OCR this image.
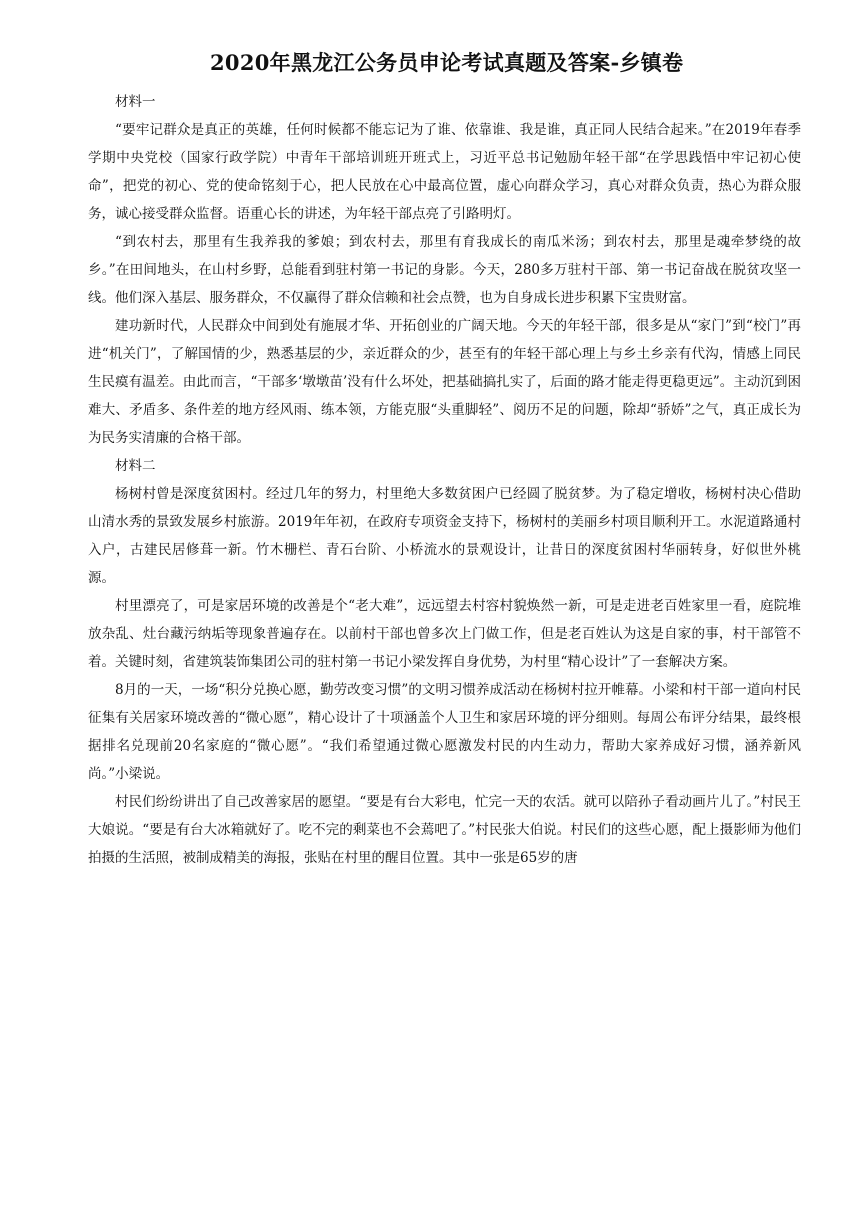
2020年黑龙江公务员申论考试真题及答案-乡镇卷

材料一

“要牢记群众是真正的英雄，任何时候都不能忘记为了谁、依靠谁、我是谁，真正同人民结合起来。”在2019年春季学期中央党校（国家行政学院）中青年干部培训班开班式上，习近平总书记勉励年轻干部“在学思践悟中牢记初心使命”，把党的初心、党的使命铭刻于心，把人民放在心中最高位置，虚心向群众学习，真心对群众负责，热心为群众服务，诚心接受群众监督。语重心长的讲述，为年轻干部点亮了引路明灯。

“到农村去，那里有生我养我的爹娘；到农村去，那里有育我成长的南瓜米汤；到农村去，那里是魂牵梦绕的故乡。”在田间地头，在山村乡野，总能看到驻村第一书记的身影。今天，280多万驻村干部、第一书记奋战在脱贫攻坚一线。他们深入基层、服务群众，不仅赢得了群众信赖和社会点赞，也为自身成长进步积累下宝贵财富。

建功新时代，人民群众中间到处有施展才华、开拓创业的广阔天地。今天的年轻干部，很多是从“家门”到“校门”再进“机关门”，了解国情的少，熟悉基层的少，亲近群众的少，甚至有的年轻干部心理上与乡土乡亲有代沟，情感上同民生民瘼有温差。由此而言，“干部多‘墩墩苗’没有什么坏处，把基础搞扎实了，后面的路才能走得更稳更远”。主动沉到困难大、矛盾多、条件差的地方经风雨、练本领，方能克服“头重脚轻”、阅历不足的问题，除却“骄娇”之气，真正成长为为民务实清廉的合格干部。

材料二

杨树村曾是深度贫困村。经过几年的努力，村里绝大多数贫困户已经圆了脱贫梦。为了稳定增收，杨树村决心借助山清水秀的景致发展乡村旅游。2019年年初，在政府专项资金支持下，杨树村的美丽乡村项目顺利开工。水泥道路通村入户，古建民居修葺一新。竹木栅栏、青石台阶、小桥流水的景观设计，让昔日的深度贫困村华丽转身，好似世外桃源。

村里漂亮了，可是家居环境的改善是个“老大难”，远远望去村容村貌焕然一新，可是走进老百姓家里一看，庭院堆放杂乱、灶台藏污纳垢等现象普遍存在。以前村干部也曾多次上门做工作，但是老百姓认为这是自家的事，村干部管不着。关键时刻，省建筑装饰集团公司的驻村第一书记小梁发挥自身优势，为村里“精心设计”了一套解决方案。

8月的一天，一场“积分兑换心愿，勤劳改变习惯”的文明习惯养成活动在杨树村拉开帷幕。小梁和村干部一道向村民征集有关居家环境改善的“微心愿”，精心设计了十项涵盖个人卫生和家居环境的评分细则。每周公布评分结果，最终根据排名兑现前20名家庭的“微心愿”。“我们希望通过微心愿激发村民的内生动力，帮助大家养成好习惯，涵养新风尚。”小梁说。

村民们纷纷讲出了自己改善家居的愿望。“要是有台大彩电，忙完一天的农活。就可以陪孙子看动画片儿了。”村民王大娘说。“要是有台大冰箱就好了。吃不完的剩菜也不会蔫吧了。”村民张大伯说。村民们的这些心愿，配上摄影师为他们拍摄的生活照，被制成精美的海报，张贴在村里的醒目位置。其中一张是65岁的唐
